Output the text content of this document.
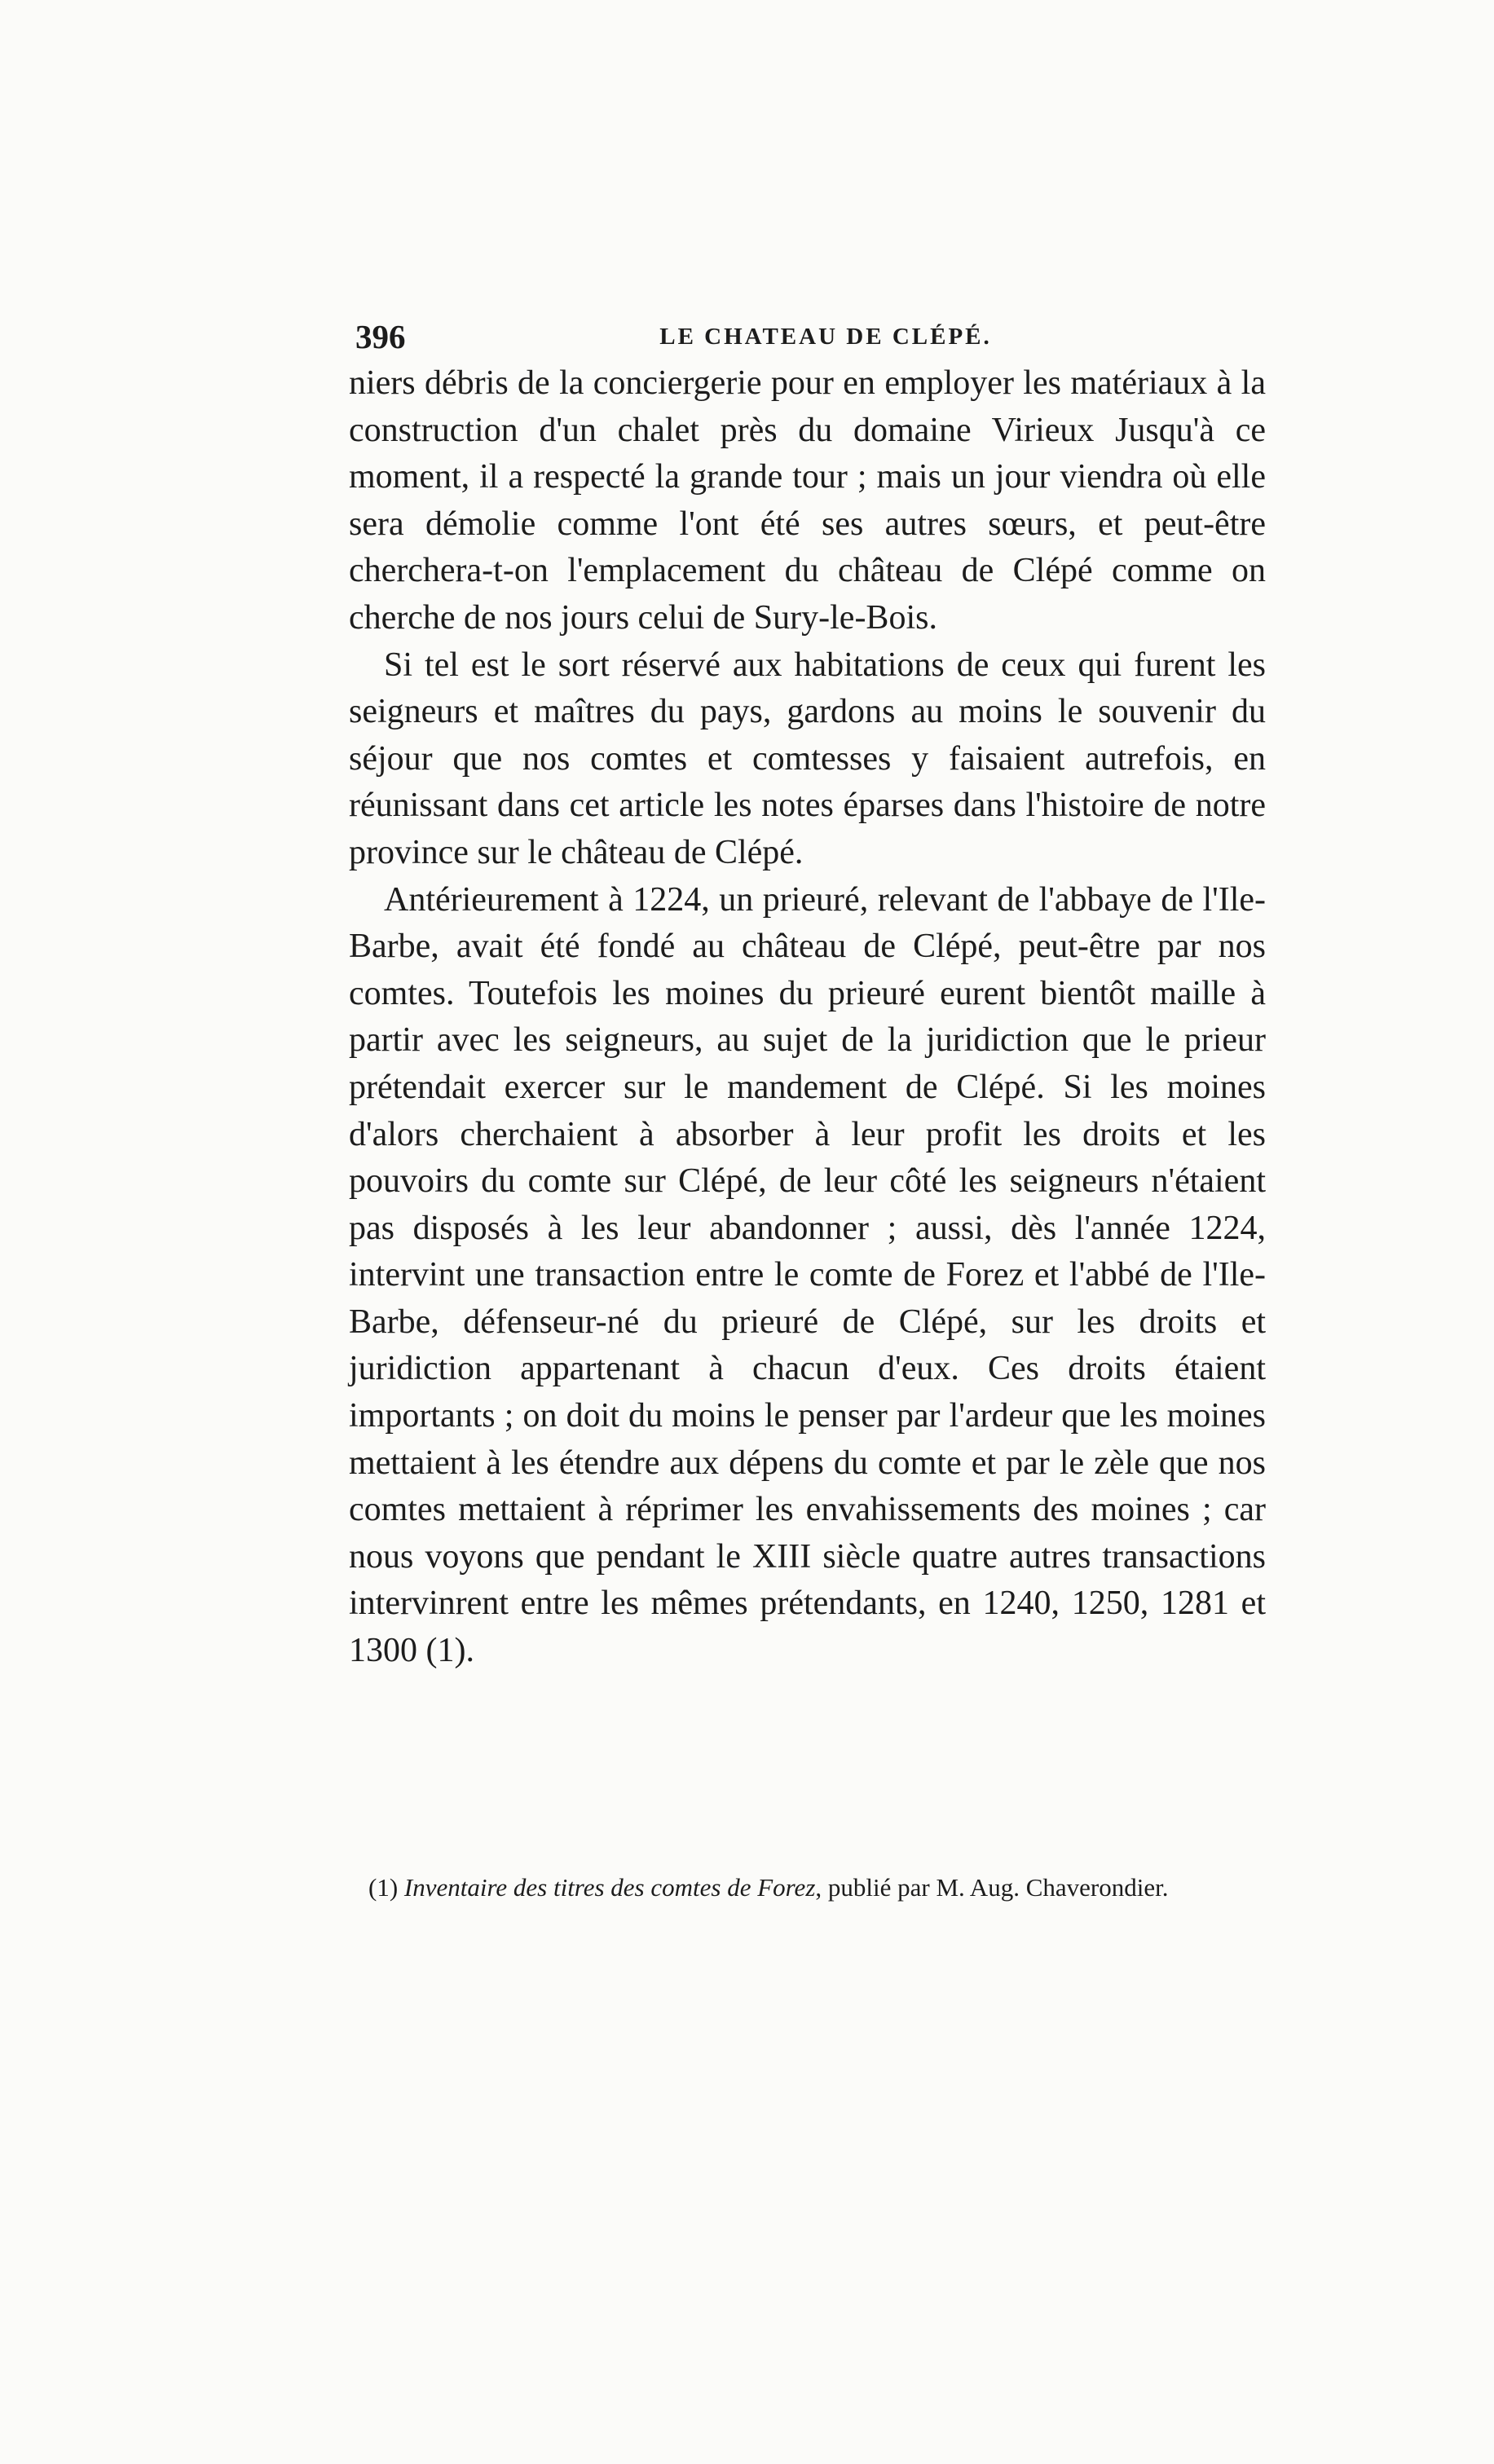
396	LE CHATEAU DE CLÉPÉ.

niers débris de la conciergerie pour en employer les matériaux à la construction d'un chalet près du domaine Virieux Jusqu'à ce moment, il a respecté la grande tour ; mais un jour viendra où elle sera démolie comme l'ont été ses autres sœurs, et peut-être cherchera-t-on l'emplacement du château de Clépé comme on cherche de nos jours celui de Sury-le-Bois.

Si tel est le sort réservé aux habitations de ceux qui furent les seigneurs et maîtres du pays, gardons au moins le souvenir du séjour que nos comtes et comtesses y faisaient autrefois, en réunissant dans cet article les notes éparses dans l'histoire de notre province sur le château de Clépé.

Antérieurement à 1224, un prieuré, relevant de l'abbaye de l'Ile-Barbe, avait été fondé au château de Clépé, peut-être par nos comtes. Toutefois les moines du prieuré eurent bientôt maille à partir avec les seigneurs, au sujet de la juridiction que le prieur prétendait exercer sur le mandement de Clépé. Si les moines d'alors cherchaient à absorber à leur profit les droits et les pouvoirs du comte sur Clépé, de leur côté les seigneurs n'étaient pas disposés à les leur abandonner ; aussi, dès l'année 1224, intervint une transaction entre le comte de Forez et l'abbé de l'Ile-Barbe, défenseur-né du prieuré de Clépé, sur les droits et juridiction appartenant à chacun d'eux. Ces droits étaient importants ; on doit du moins le penser par l'ardeur que les moines mettaient à les étendre aux dépens du comte et par le zèle que nos comtes mettaient à réprimer les envahissements des moines ; car nous voyons que pendant le XIII siècle quatre autres transactions intervinrent entre les mêmes prétendants, en 1240, 1250, 1281 et 1300 (1).

(1) Inventaire des titres des comtes de Forez, publié par M. Aug. Chaverondier.
